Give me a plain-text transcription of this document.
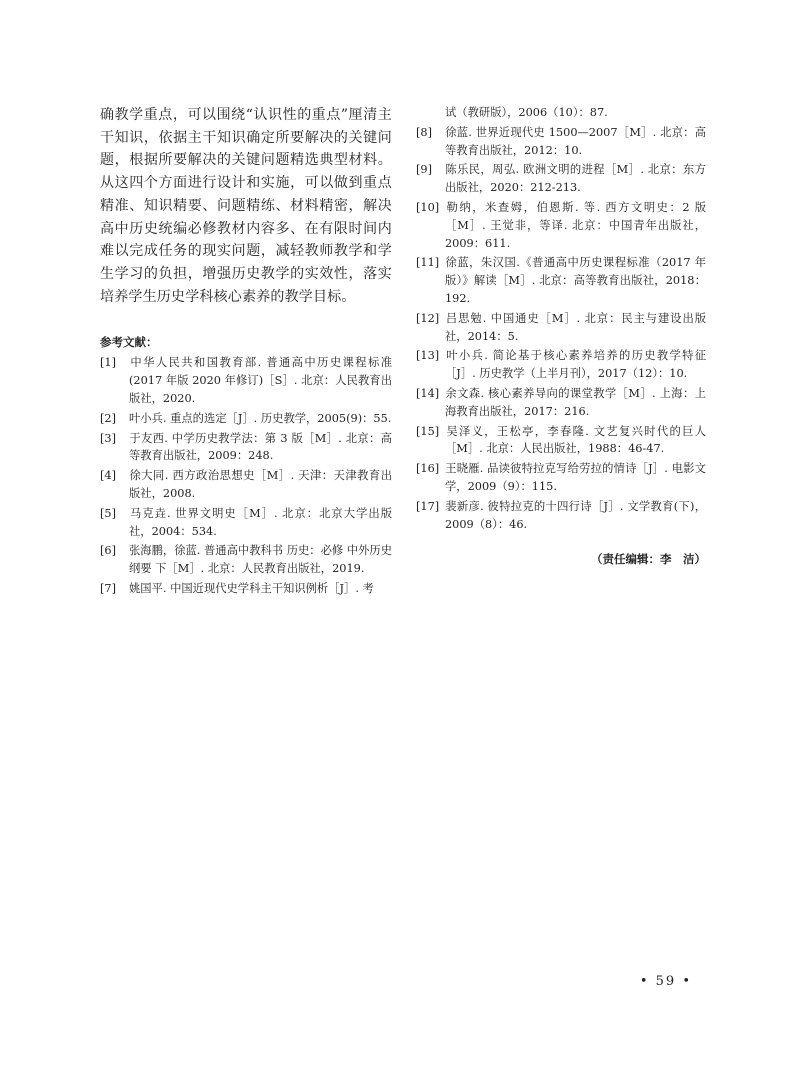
确教学重点，可以围绕“认识性的重点”厘清主干知识，依据主干知识确定所要解决的关键问题，根据所要解决的关键问题精选典型材料。从这四个方面进行设计和实施，可以做到重点精准、知识精要、问题精练、材料精密，解决高中历史统编必修教材内容多、在有限时间内难以完成任务的现实问题，减轻教师教学和学生学习的负担，增强历史教学的实效性，落实培养学生历史学科核心素养的教学目标。

参考文献：
[1] 中华人民共和国教育部. 普通高中历史课程标准(2017 年版 2020 年修订)［S］. 北京：人民教育出版社，2020.
[2] 叶小兵. 重点的选定［J］. 历史教学，2005(9)：55.
[3] 于友西. 中学历史教学法：第 3 版［M］. 北京：高等教育出版社，2009：248.
[4] 徐大同. 西方政治思想史［M］. 天津：天津教育出版社，2008.
[5] 马克垚. 世界文明史［M］. 北京：北京大学出版社，2004：534.
[6] 张海鹏，徐蓝. 普通高中教科书 历史：必修 中外历史纲要 下［M］. 北京：人民教育出版社，2019.
[7] 姚国平. 中国近现代史学科主干知识例析［J］. 考
试（教研版），2006（10）：87.
[8] 徐蓝. 世界近现代史 1500—2007［M］. 北京：高等教育出版社，2012：10.
[9] 陈乐民，周弘. 欧洲文明的进程［M］. 北京：东方出版社，2020：212-213.
[10] 勒纳，米查姆，伯恩斯. 等. 西方文明史：2 版［M］. 王觉非，等译. 北京：中国青年出版社，2009：611.
[11] 徐蓝，朱汉国.《普通高中历史课程标准（2017 年版）》解读［M］. 北京：高等教育出版社，2018：192.
[12] 吕思勉. 中国通史［M］. 北京：民主与建设出版社，2014：5.
[13] 叶小兵. 简论基于核心素养培养的历史教学特征［J］. 历史教学（上半月刊），2017（12）：10.
[14] 余文森. 核心素养导向的课堂教学［M］. 上海：上海教育出版社，2017：216.
[15] 吴泽义，王松亭，李春隆. 文艺复兴时代的巨人［M］. 北京：人民出版社，1988：46-47.
[16] 王晓雁. 品读彼特拉克写给劳拉的情诗［J］. 电影文学，2009（9）：115.
[17] 裴新彦. 彼特拉克的十四行诗［J］. 文学教育(下)，2009（8）：46.
（责任编辑：李　洁）
• 59 •
